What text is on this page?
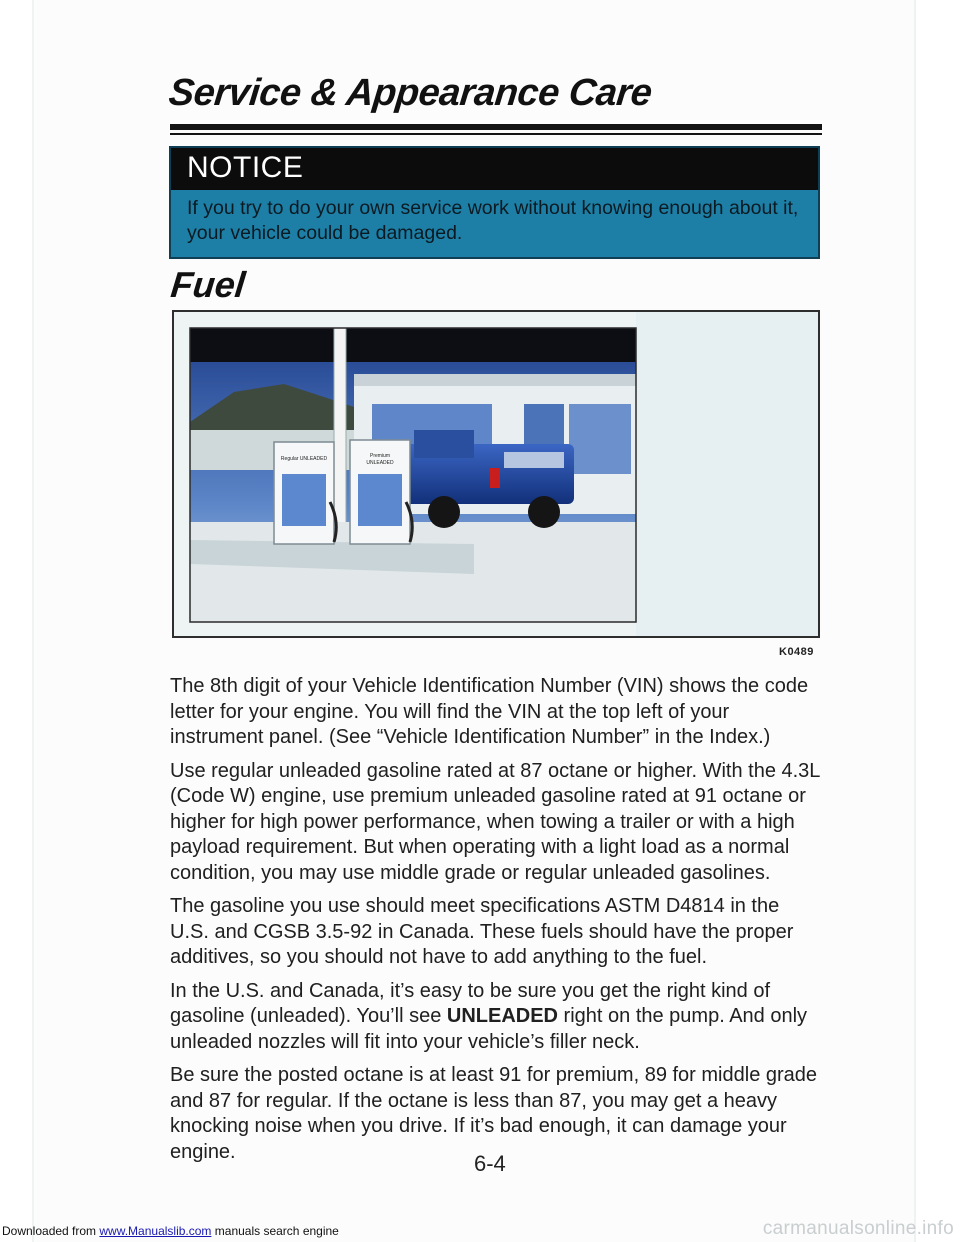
Service & Appearance Care
NOTICE
If you try to do your own service work without knowing enough about it, your vehicle could be damaged.
Fuel
Regular UNLEADED	Premium
UNLEADED
K0489

The 8th digit of your Vehicle Identification Number (VIN) shows the code letter for your engine. You will find the VIN at the top left of your instrument panel. (See “Vehicle Identification Number” in the Index.)

Use regular unleaded gasoline rated at 87 octane or higher. With the 4.3L (Code W) engine, use premium unleaded gasoline rated at 91 octane or higher for high power performance, when towing a trailer or with a high payload requirement. But when operating with a light load as a normal condition, you may use middle grade or regular unleaded gasolines.

The gasoline you use should meet specifications ASTM D4814 in the U.S. and CGSB 3.5-92 in Canada. These fuels should have the proper additives, so you should not have to add anything to the fuel.

In the U.S. and Canada, it’s easy to be sure you get the right kind of gasoline (unleaded). You’ll see UNLEADED right on the pump. And only unleaded nozzles will fit into your vehicle’s filler neck.

Be sure the posted octane is at least 91 for premium, 89 for middle grade and 87 for regular. If the octane is less than 87, you may get a heavy knocking noise when you drive. If it’s bad enough, it can damage your engine.	6-4
Downloaded from www.Manualslib.com manuals search engine	carmanualsonline.info
